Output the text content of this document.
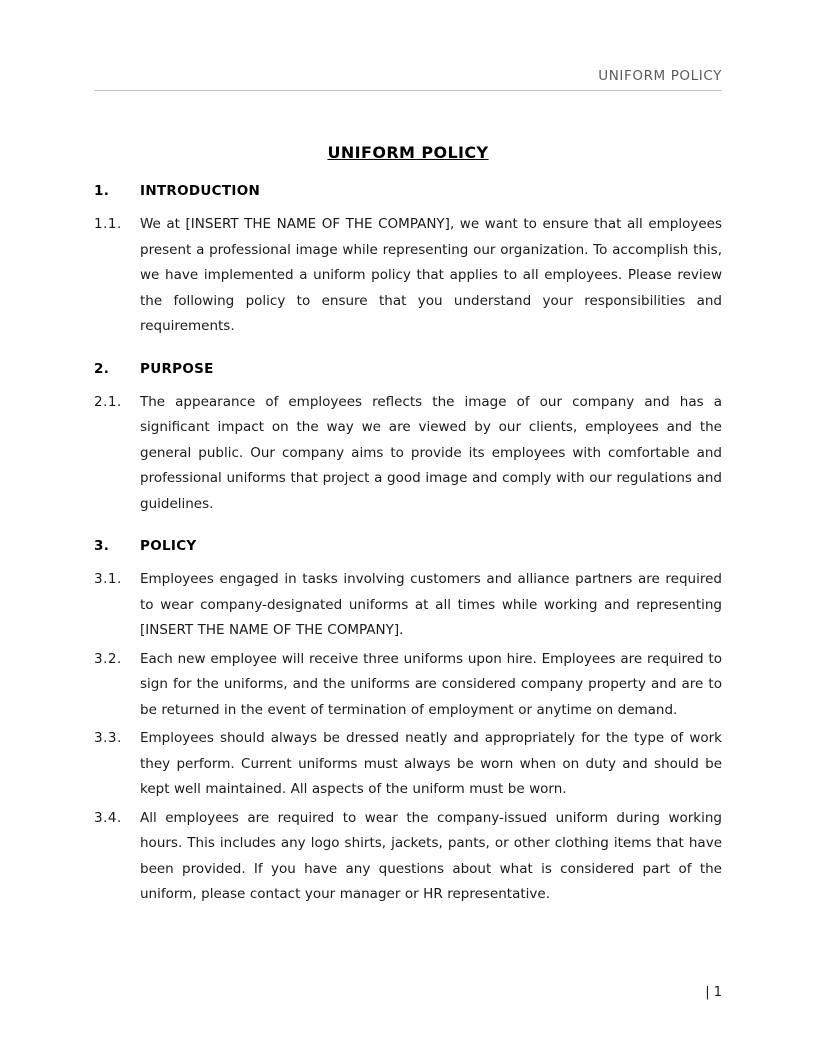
UNIFORM POLICY
UNIFORM POLICY
1.	INTRODUCTION
1.1.	We at [INSERT THE NAME OF THE COMPANY], we want to ensure that all employees present a professional image while representing our organization. To accomplish this, we have implemented a uniform policy that applies to all employees. Please review the following policy to ensure that you understand your responsibilities and requirements.
2.	PURPOSE
2.1.	The appearance of employees reflects the image of our company and has a significant impact on the way we are viewed by our clients, employees and the general public. Our company aims to provide its employees with comfortable and professional uniforms that project a good image and comply with our regulations and guidelines.
3.	POLICY
3.1.	Employees engaged in tasks involving customers and alliance partners are required to wear company-designated uniforms at all times while working and representing [INSERT THE NAME OF THE COMPANY].
3.2.	Each new employee will receive three uniforms upon hire. Employees are required to sign for the uniforms, and the uniforms are considered company property and are to be returned in the event of termination of employment or anytime on demand.
3.3.	Employees should always be dressed neatly and appropriately for the type of work they perform. Current uniforms must always be worn when on duty and should be kept well maintained. All aspects of the uniform must be worn.
3.4.	All employees are required to wear the company-issued uniform during working hours. This includes any logo shirts, jackets, pants, or other clothing items that have been provided. If you have any questions about what is considered part of the uniform, please contact your manager or HR representative.
| 1
